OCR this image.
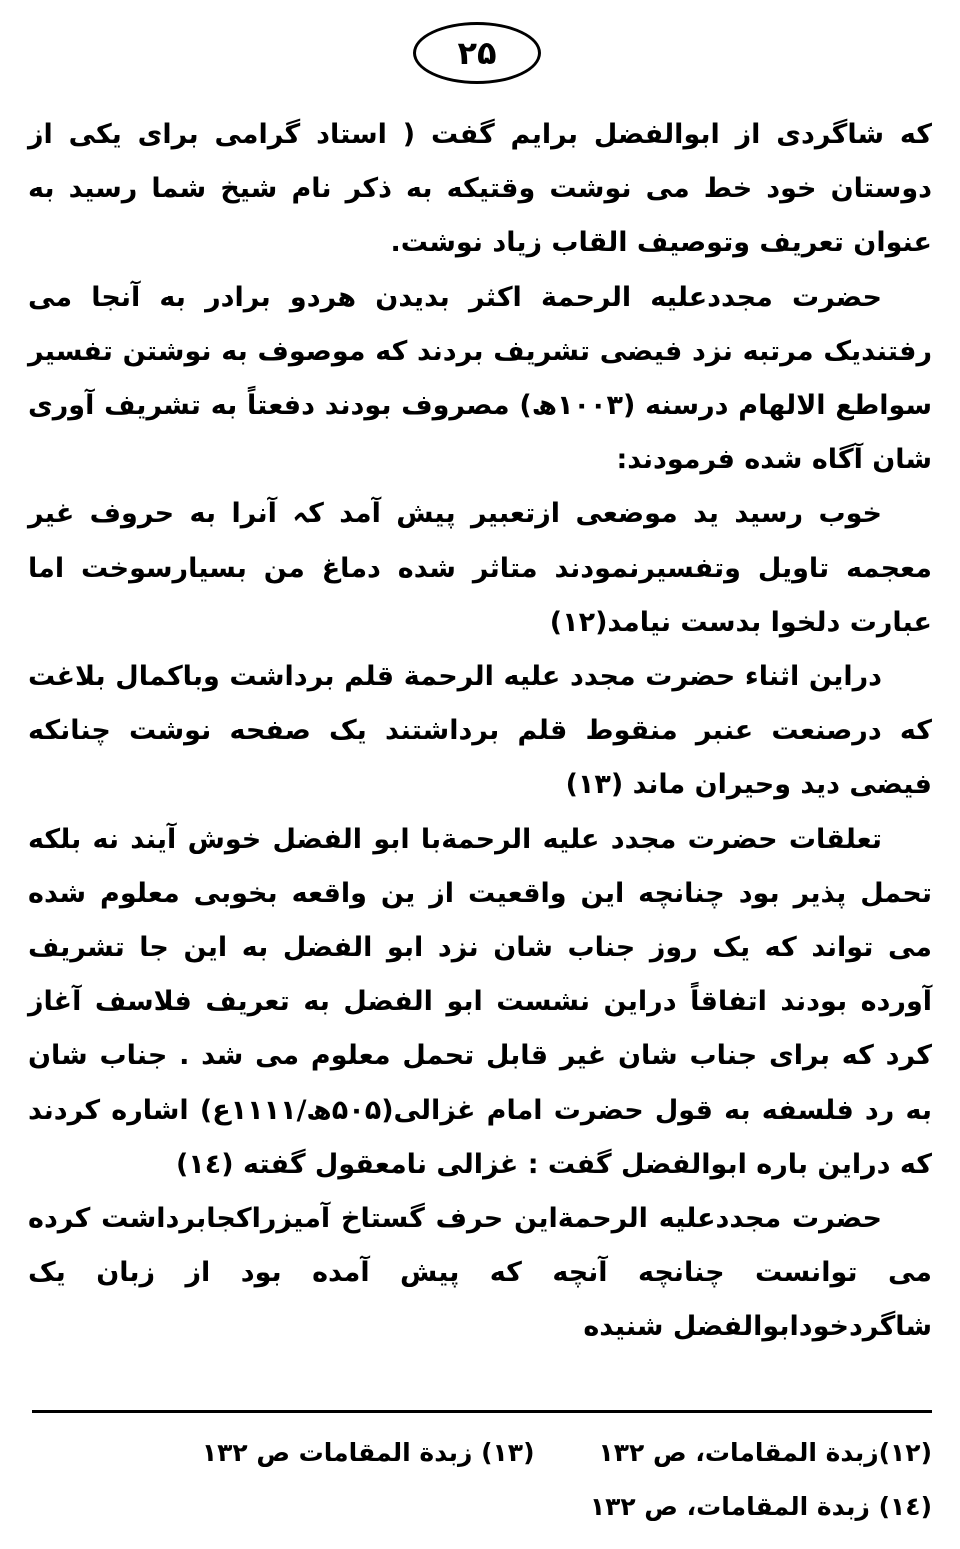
۲۵

که شاگردی از ابوالفضل برایم گفت ( استاد گرامی برای یکی از دوستان خود خط می نوشت وقتیکه به ذکر نام شیخ شما رسید به عنوان تعریف وتوصیف القاب زیاد نوشت.

حضرت مجددعلیه الرحمة اکثر بدیدن هردو برادر به آنجا می رفتندیک مرتبه نزد فیضی تشریف بردند که موصوف به نوشتن تفسیر سواطع الالهام درسنه (۱۰۰۳ھ) مصروف بودند دفعتاً به تشریف آوری شان آگاه شده فرمودند:

خوب رسید ید موضعی ازتعبیر پیش آمد کہ آنرا به حروف غیر معجمه تاویل وتفسیرنمودند متاثر شده دماغ من بسیارسوخت اما عبارت دلخوا بدست نیامد(۱۲)

دراین اثناء حضرت مجدد علیه الرحمة قلم برداشت وباکمال بلاغت که درصنعت عنبر منقوط قلم برداشتند یک صفحه نوشت چنانکه فیضی دید وحیران ماند (۱۳)

تعلقات حضرت مجدد علیه الرحمةبا ابو الفضل خوش آیند نه بلکه تحمل پذیر بود چنانچه این واقعیت از ین واقعه بخوبی معلوم شده می تواند که یک روز جناب شان نزد ابو الفضل به این جا تشریف آورده بودند اتفاقاً دراین نشست ابو الفضل به تعریف فلاسف آغاز کرد که برای جناب شان غیر قابل تحمل معلوم می شد . جناب شان به رد فلسفه به قول حضرت امام غزالی(۵۰۵ھ/۱۱۱۱ع) اشاره کردند که دراین باره ابوالفضل گفت : غزالی نامعقول گفته (۱٤)

حضرت مجددعلیه الرحمةاین حرف گستاخ آمیزراکجابرداشت کرده می توانست چنانچه آنچه که پیش آمده بود از زبان یک شاگردخودابوالفضل شنیده

(۱۲)زبدة المقامات، ص ۱۳۲
(۱۳) زبدة المقامات ص ۱۳۲
(۱٤) زبدة المقامات، ص ۱۳۲
